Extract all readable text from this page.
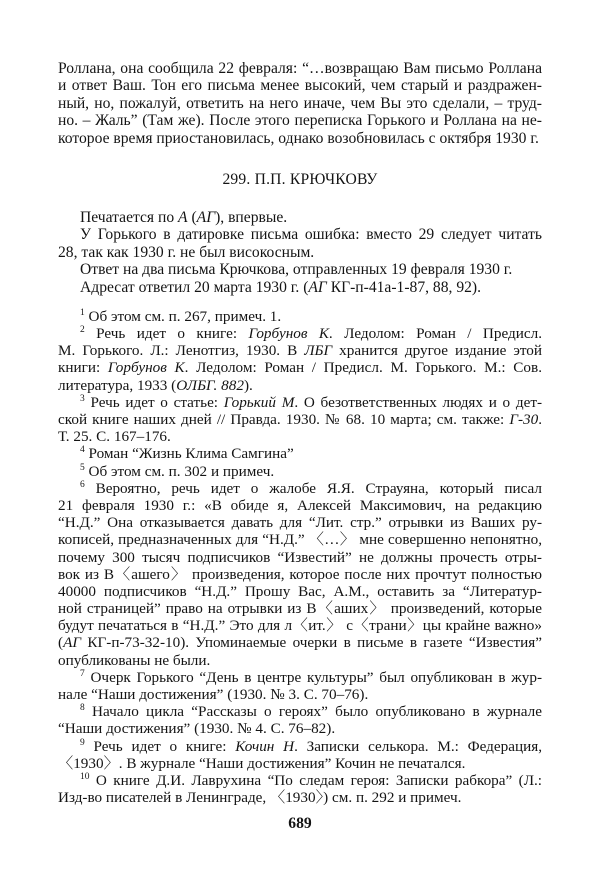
Роллана, она сообщила 22 февраля: “…возвращаю Вам письмо Роллана
и ответ Ваш. Тон его письма менее высокий, чем старый и раздражен-
ный, но, пожалуй, ответить на него иначе, чем Вы это сделали, – труд-
но. – Жаль” (Там же). После этого переписка Горького и Роллана на не-
которое время приостановилась, однако возобновилась с октября 1930 г.
299. П.П. КРЮЧКОВУ
Печатается по А (АГ), впервые.
У Горького в датировке письма ошибка: вместо 29 следует читать
28, так как 1930 г. не был високосным.
Ответ на два письма Крючкова, отправленных 19 февраля 1930 г.
Адресат ответил 20 марта 1930 г. (АГ КГ-п-41а-1-87, 88, 92).
$^1$ Об этом см. п. 267, примеч. 1.
$^2$ Речь идет о книге: Горбунов К. Ледолом: Роман / Предисл.
М. Горького. Л.: Ленотгиз, 1930. В ЛБГ хранится другое издание этой
книги: Горбунов К. Ледолом: Роман / Предисл. М. Горького. М.: Сов.
литература, 1933 (ОЛБГ. 882).
$^3$ Речь идет о статье: Горький М. О безответственных людях и о дет-
ской книге наших дней // Правда. 1930. № 68. 10 марта; см. также: Г-30.
Т. 25. С. 167–176.
$^4$ Роман “Жизнь Клима Самгина”
$^5$ Об этом см. п. 302 и примеч.
$^6$ Вероятно, речь идет о жалобе Я.Я. Страуяна, который писал
21 февраля 1930 г.: «В обиде я, Алексей Максимович, на редакцию
“Н.Д.” Она отказывается давать для “Лит. стр.” отрывки из Ваших ру-
кописей, предназначенных для “Н.Д.” 〈…〉 мне совершенно непонятно,
почему 300 тысяч подписчиков “Известий” не должны прочесть отры-
вок из В〈ашего〉 произведения, которое после них прочтут полностью
40000 подписчиков “Н.Д.” Прошу Вас, А.М., оставить за “Литератур-
ной страницей” право на отрывки из В〈аших〉 произведений, которые
будут печататься в “Н.Д.” Это для л〈ит.〉 с〈трани〉цы крайне важно»
(АГ КГ-п-73-32-10). Упоминаемые очерки в письме в газете “Известия”
опубликованы не были.
$^7$ Очерк Горького “День в центре культуры” был опубликован в жур-
нале “Наши достижения” (1930. № 3. С. 70–76).
$^8$ Начало цикла “Рассказы о героях” было опубликовано в журнале
“Наши достижения” (1930. № 4. С. 76–82).
$^9$ Речь идет о книге: Кочин Н. Записки селькора. М.: Федерация,
〈1930〉. В журнале “Наши достижения” Кочин не печатался.
$^{10}$ О книге Д.И. Лаврухина “По следам героя: Записки рабкора” (Л.:
Изд-во писателей в Ленинграде, 〈1930〉) см. п. 292 и примеч.
689
